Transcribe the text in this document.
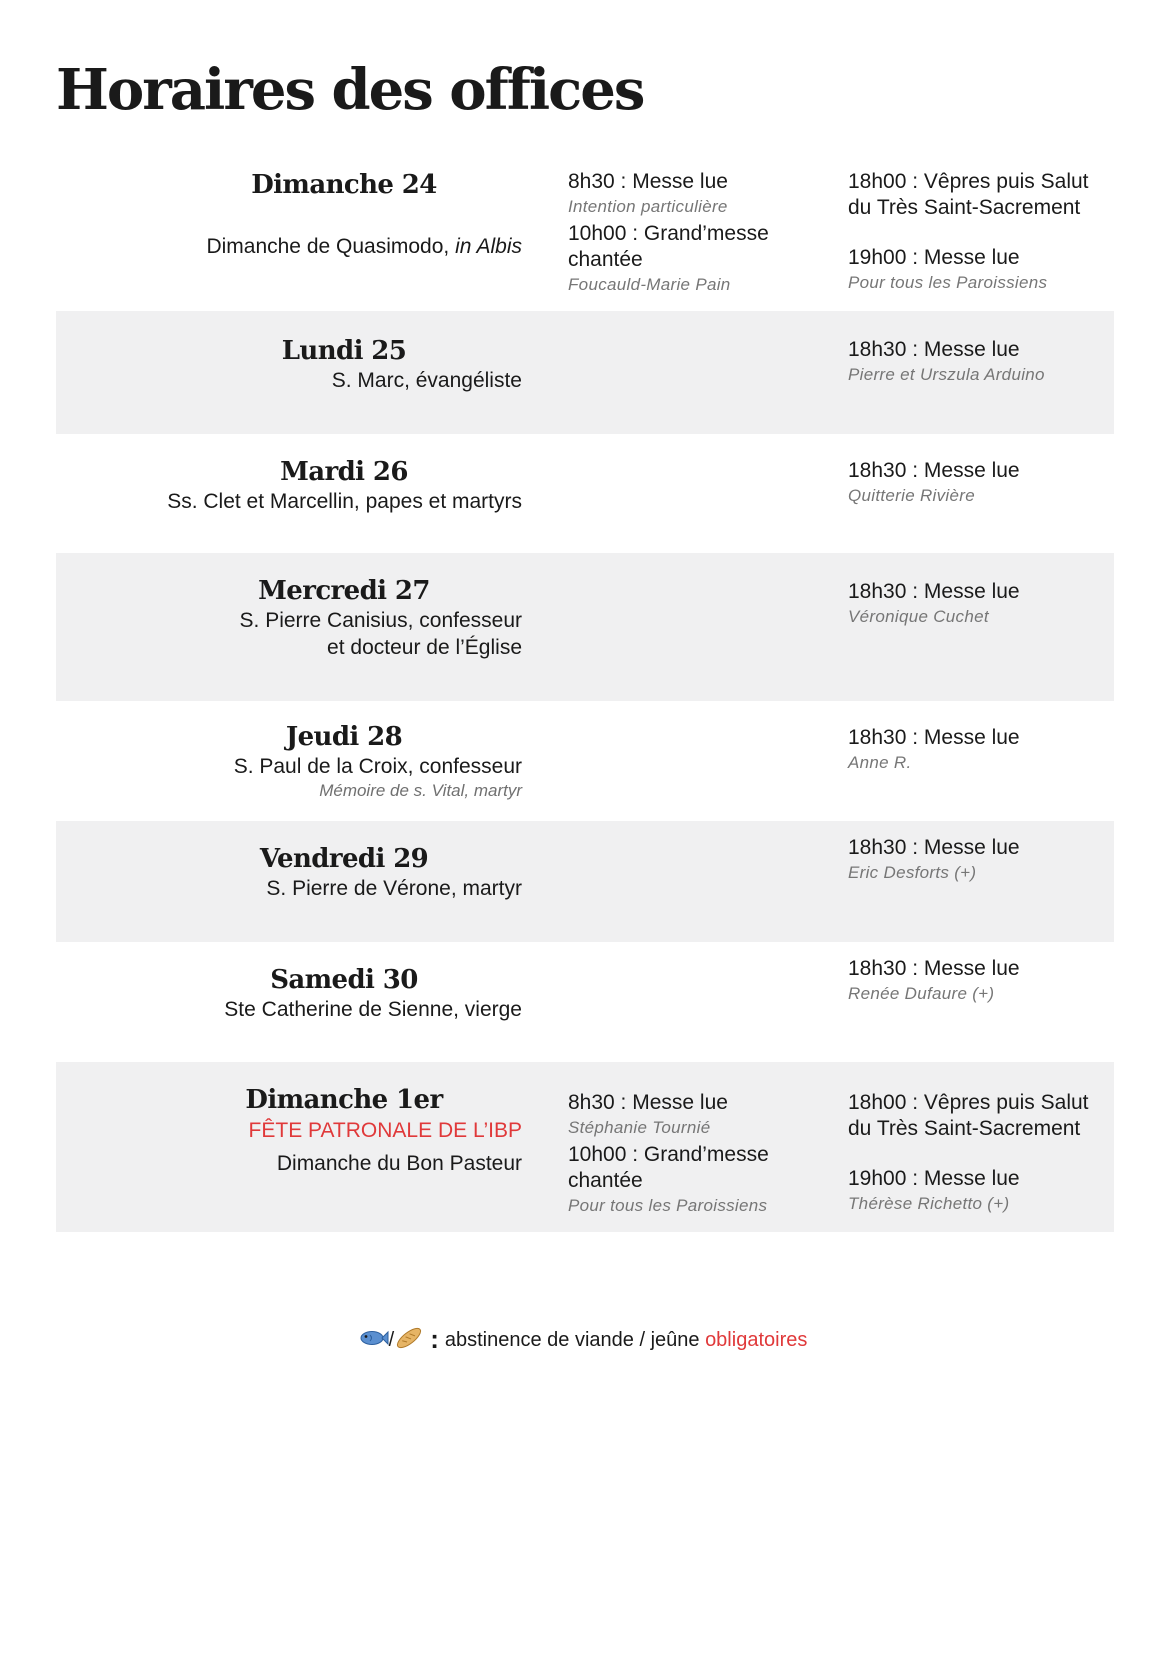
Horaires des offices
Dimanche 24
Dimanche de Quasimodo, in Albis
8h30 : Messe lue
Intention particulière
10h00 : Grand’messe chantée
Foucauld-Marie Pain
18h00 : Vêpres puis Salut du Très Saint-Sacrement
19h00 : Messe lue
Pour tous les Paroissiens
Lundi 25
S. Marc, évangéliste
18h30 : Messe lue
Pierre et Urszula Arduino
Mardi 26
Ss. Clet et Marcellin, papes et martyrs
18h30 : Messe lue
Quitterie Rivière
Mercredi 27
S. Pierre Canisius, confesseur
et docteur de l’Église
18h30 : Messe lue
Véronique Cuchet
Jeudi 28
S. Paul de la Croix, confesseur
Mémoire de s. Vital, martyr
18h30 : Messe lue
Anne R.
Vendredi 29
S. Pierre de Vérone, martyr
18h30 : Messe lue
Eric Desforts (+)
Samedi 30
Ste Catherine de Sienne, vierge
18h30 : Messe lue
Renée Dufaure (+)
Dimanche 1er
FÊTE PATRONALE DE L’IBP
Dimanche du Bon Pasteur
8h30 : Messe lue
Stéphanie Tournié
10h00 : Grand’messe chantée
Pour tous les Paroissiens
18h00 : Vêpres puis Salut du Très Saint-Sacrement
19h00 : Messe lue
Thérèse Richetto (+)
/ : abstinence de viande / jeûne obligatoires
